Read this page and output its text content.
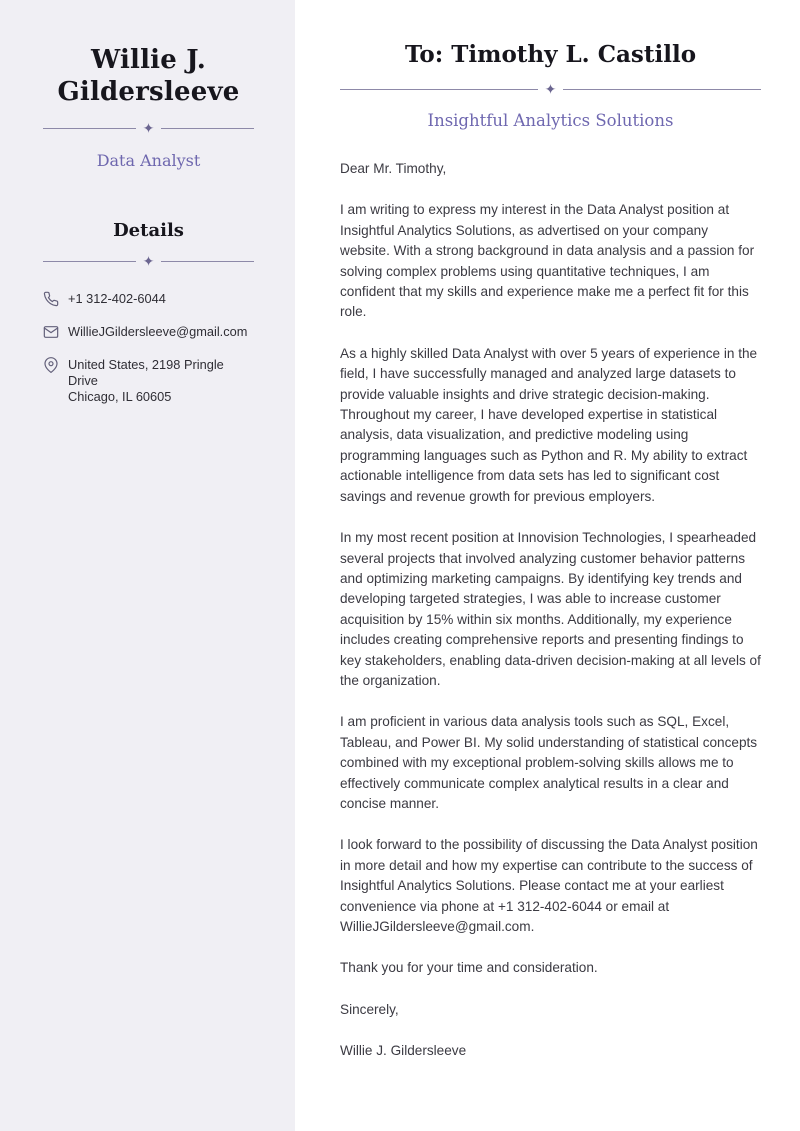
Willie J. Gildersleeve
✦
Data Analyst
Details
✦
+1 312-402-6044
WillieJGildersleeve@gmail.com
United States, 2198 Pringle Drive
Chicago, IL 60605
To: Timothy L. Castillo
✦
Insightful Analytics Solutions

Dear Mr. Timothy,

I am writing to express my interest in the Data Analyst position at Insightful Analytics Solutions, as advertised on your company website. With a strong background in data analysis and a passion for solving complex problems using quantitative techniques, I am confident that my skills and experience make me a perfect fit for this role.

As a highly skilled Data Analyst with over 5 years of experience in the field, I have successfully managed and analyzed large datasets to provide valuable insights and drive strategic decision-making. Throughout my career, I have developed expertise in statistical analysis, data visualization, and predictive modeling using programming languages such as Python and R. My ability to extract actionable intelligence from data sets has led to significant cost savings and revenue growth for previous employers.

In my most recent position at Innovision Technologies, I spearheaded several projects that involved analyzing customer behavior patterns and optimizing marketing campaigns. By identifying key trends and developing targeted strategies, I was able to increase customer acquisition by 15% within six months. Additionally, my experience includes creating comprehensive reports and presenting findings to key stakeholders, enabling data-driven decision-making at all levels of the organization.

I am proficient in various data analysis tools such as SQL, Excel, Tableau, and Power BI. My solid understanding of statistical concepts combined with my exceptional problem-solving skills allows me to effectively communicate complex analytical results in a clear and concise manner.

I look forward to the possibility of discussing the Data Analyst position in more detail and how my expertise can contribute to the success of Insightful Analytics Solutions. Please contact me at your earliest convenience via phone at +1 312-402-6044 or email at WillieJGildersleeve@gmail.com.

Thank you for your time and consideration.

Sincerely,

Willie J. Gildersleeve
